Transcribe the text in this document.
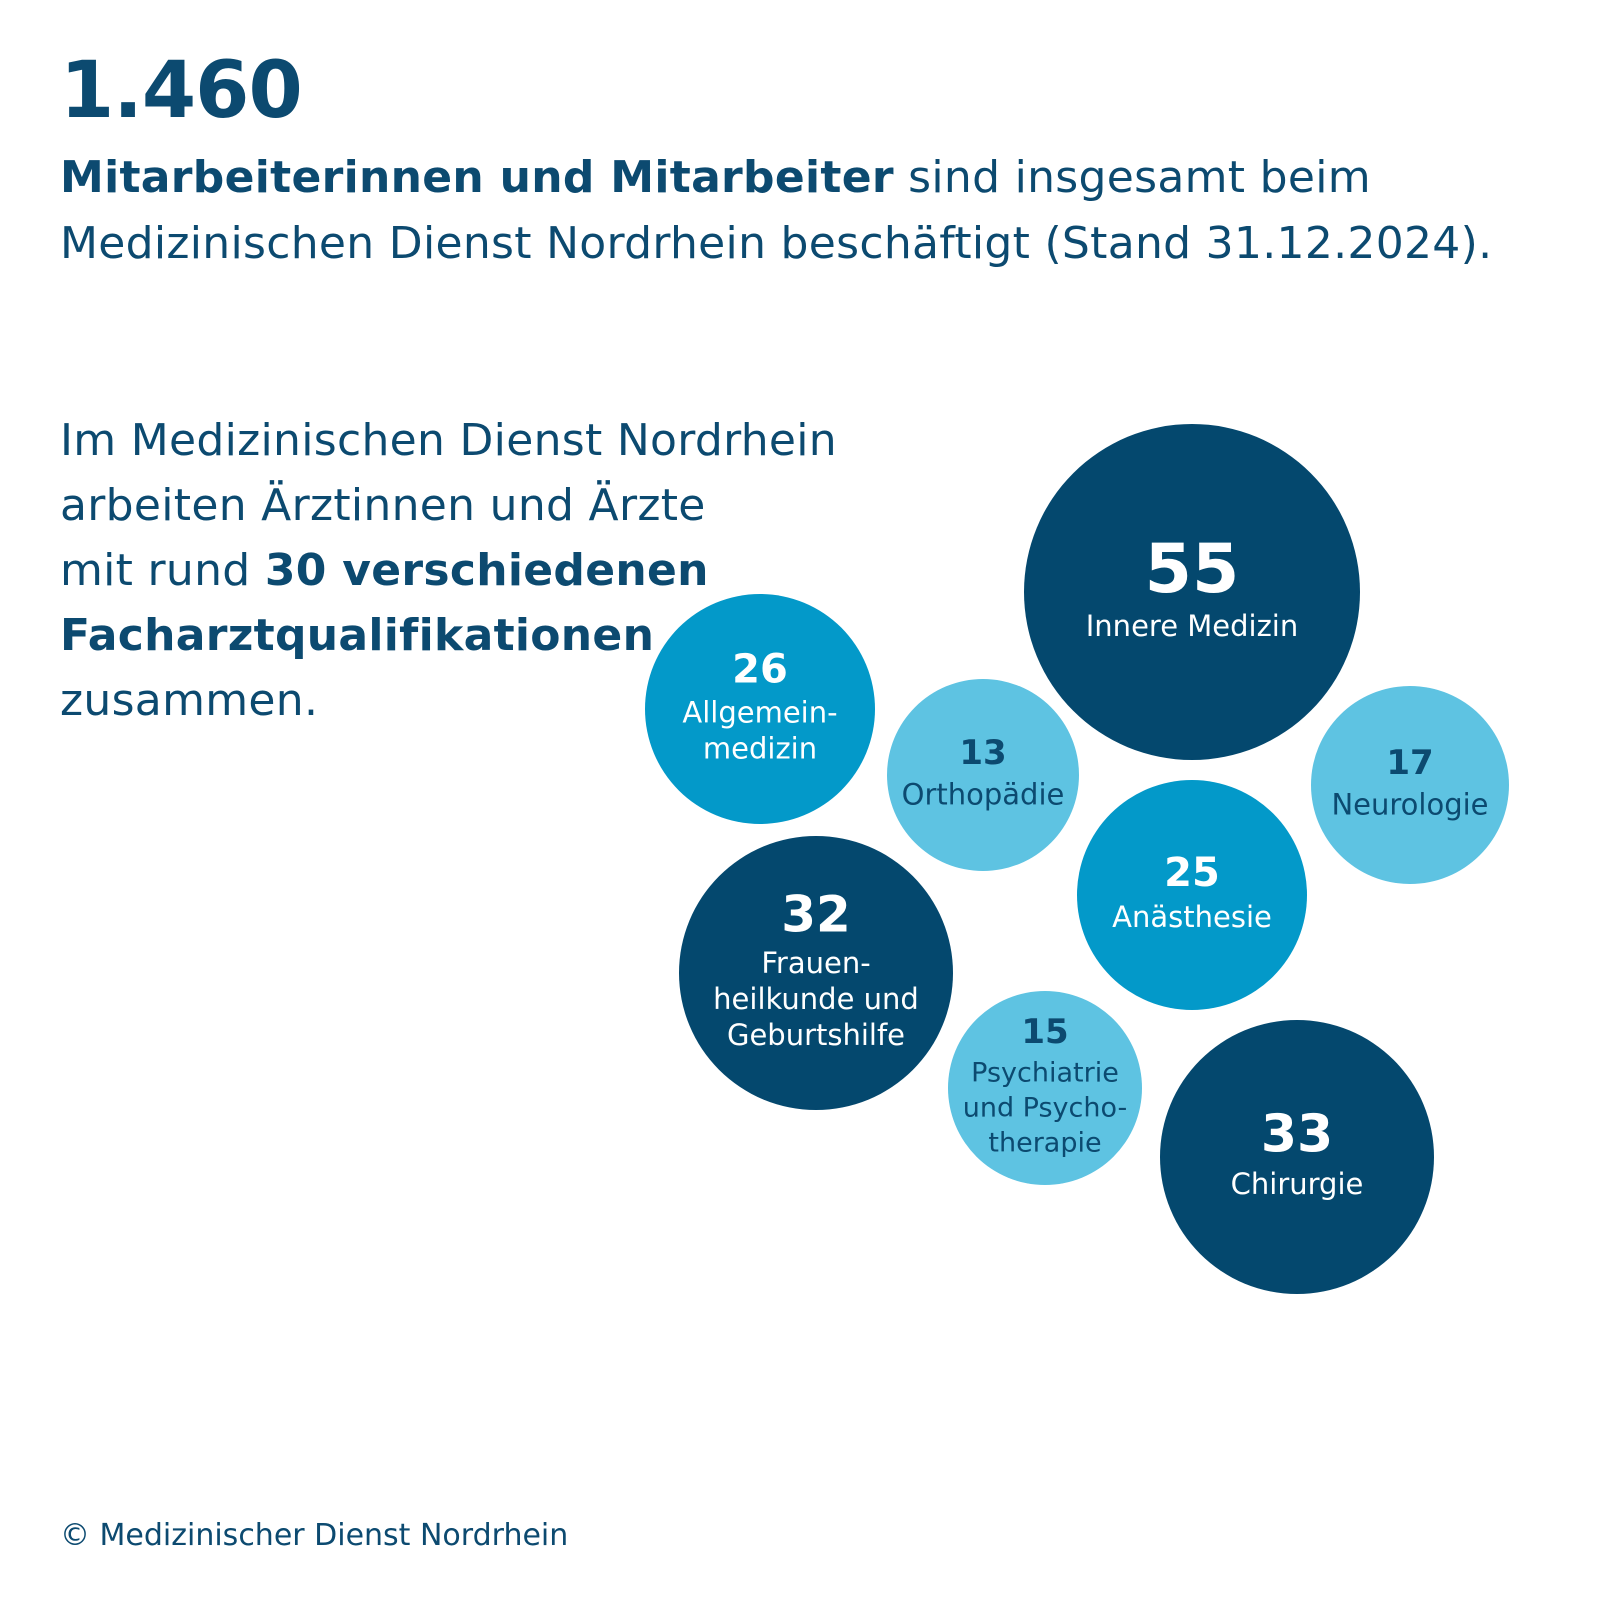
1.460

Mitarbeiterinnen und Mitarbeiter sind insgesamt beim
Medizinischen Dienst Nordrhein beschäftigt (Stand 31.12.2024).

Im Medizinischen Dienst Nordrhein
arbeiten Ärztinnen und Ärzte
mit rund 30 verschiedenen
Facharztqualifikationen
zusammen.

55
Innere Medizin
26
Allgemein-
medizin	13
Orthopädie
17
Neurologie
25
Anästhesie
32
Frauen-
heilkunde und
Geburtshilfe	15
Psychiatrie
und Psycho-
therapie	33
Chirurgie

© Medizinischer Dienst Nordrhein
